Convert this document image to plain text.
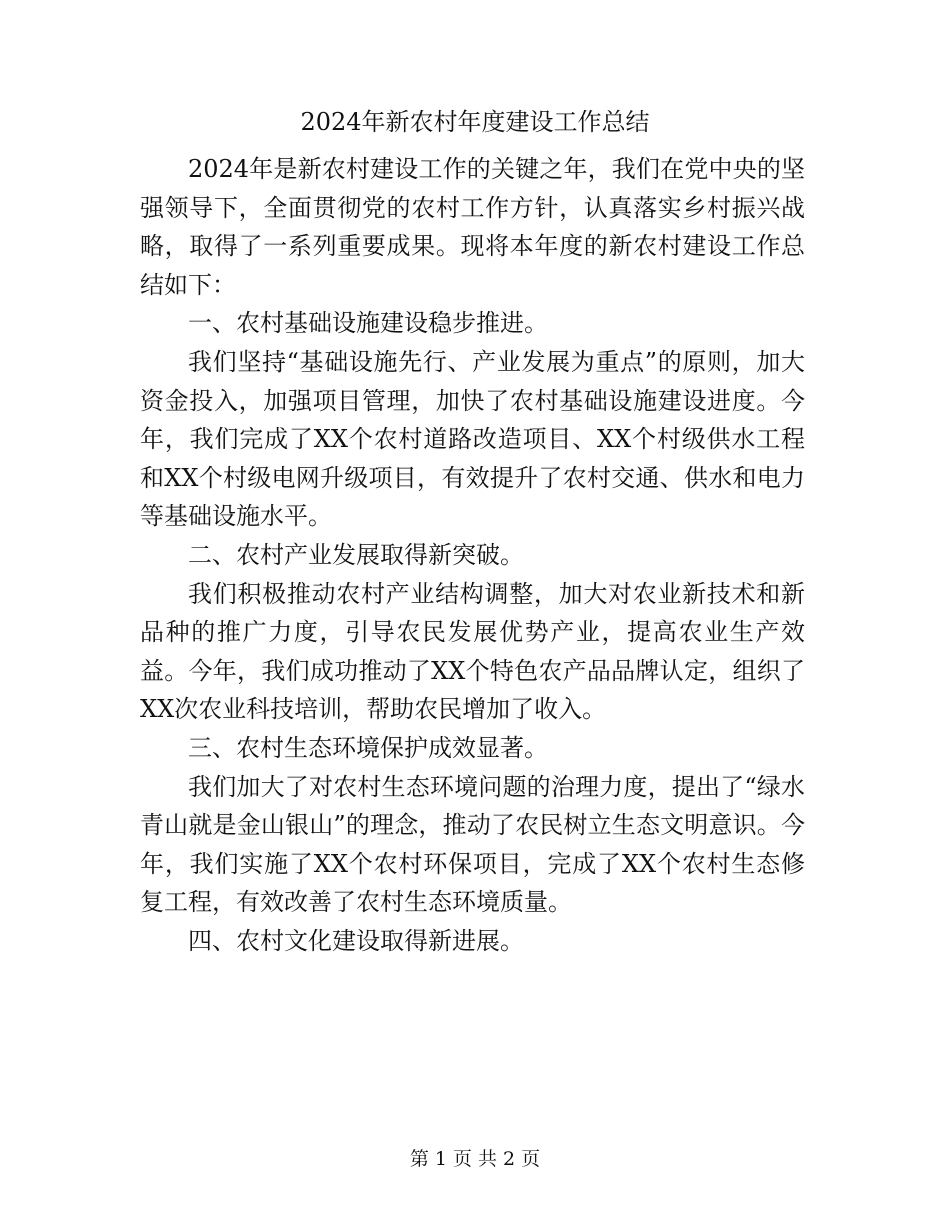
2024年新农村年度建设工作总结

2024年是新农村建设工作的关键之年，我们在党中央的坚强领导下，全面贯彻党的农村工作方针，认真落实乡村振兴战略，取得了一系列重要成果。现将本年度的新农村建设工作总结如下：

一、农村基础设施建设稳步推进。

我们坚持“基础设施先行、产业发展为重点”的原则，加大资金投入，加强项目管理，加快了农村基础设施建设进度。今年，我们完成了XX个农村道路改造项目、XX个村级供水工程和XX个村级电网升级项目，有效提升了农村交通、供水和电力等基础设施水平。

二、农村产业发展取得新突破。

我们积极推动农村产业结构调整，加大对农业新技术和新品种的推广力度，引导农民发展优势产业，提高农业生产效益。今年，我们成功推动了XX个特色农产品品牌认定，组织了XX次农业科技培训，帮助农民增加了收入。

三、农村生态环境保护成效显著。

我们加大了对农村生态环境问题的治理力度，提出了“绿水青山就是金山银山”的理念，推动了农民树立生态文明意识。今年，我们实施了XX个农村环保项目，完成了XX个农村生态修复工程，有效改善了农村生态环境质量。

四、农村文化建设取得新进展。

第 1 页 共 2 页
